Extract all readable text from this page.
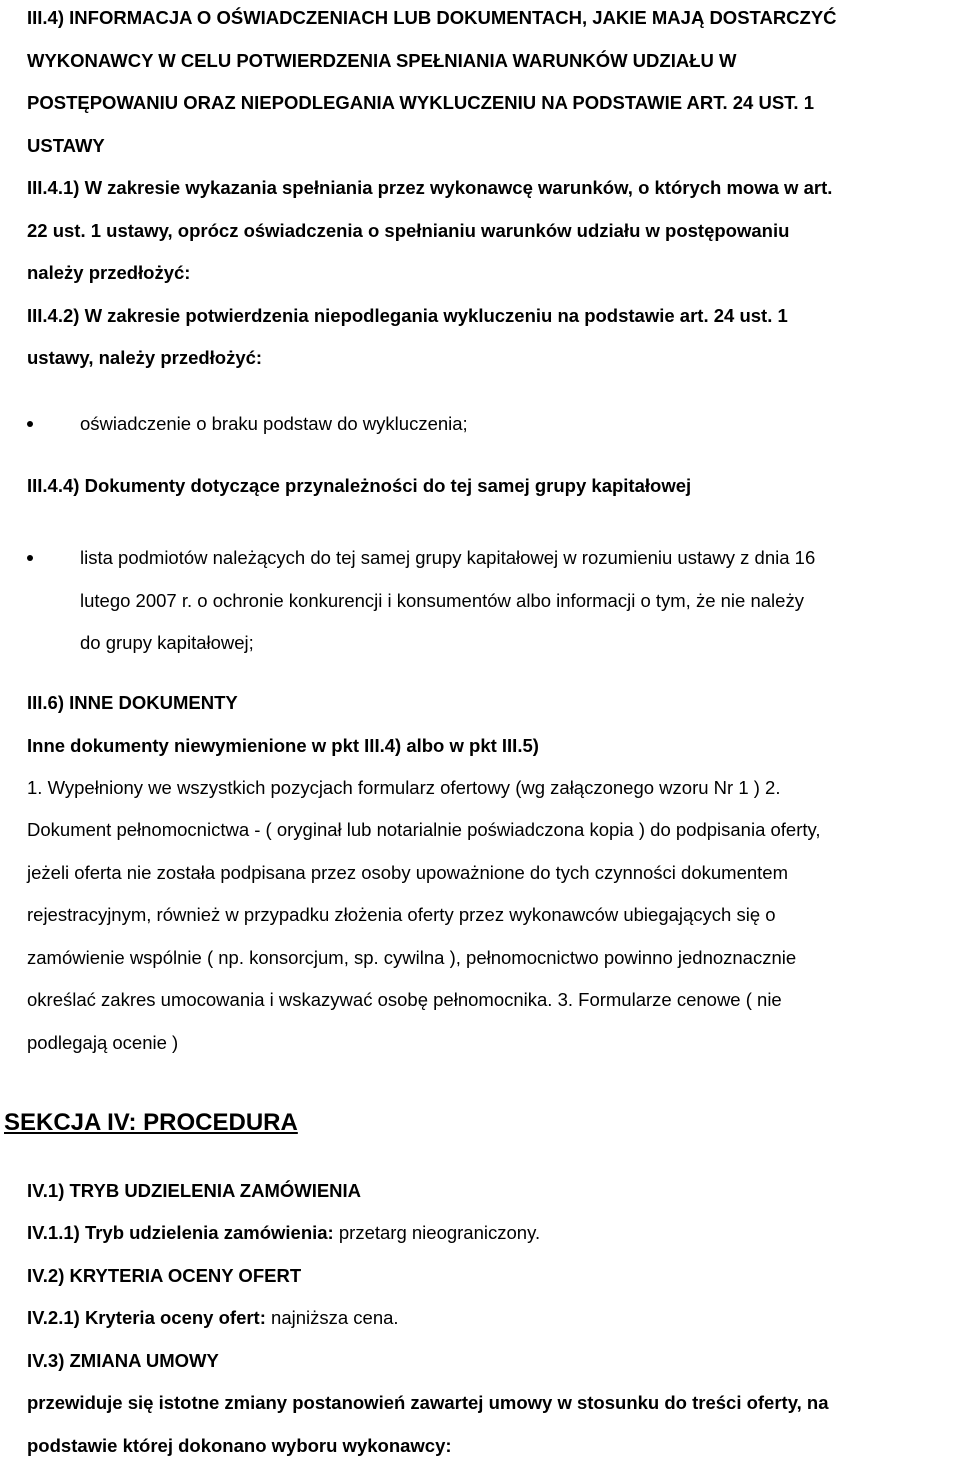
III.4) INFORMACJA O OŚWIADCZENIACH LUB DOKUMENTACH, JAKIE MAJĄ DOSTARCZYĆ
WYKONAWCY W CELU POTWIERDZENIA SPEŁNIANIA WARUNKÓW UDZIAŁU W
POSTĘPOWANIU ORAZ NIEPODLEGANIA WYKLUCZENIU NA PODSTAWIE ART. 24 UST. 1
USTAWY
III.4.1) W zakresie wykazania spełniania przez wykonawcę warunków, o których mowa w art.
22 ust. 1 ustawy, oprócz oświadczenia o spełnianiu warunków udziału w postępowaniu
należy przedłożyć:
III.4.2) W zakresie potwierdzenia niepodlegania wykluczeniu na podstawie art. 24 ust. 1
ustawy, należy przedłożyć:
oświadczenie o braku podstaw do wykluczenia;
III.4.4) Dokumenty dotyczące przynależności do tej samej grupy kapitałowej
lista podmiotów należących do tej samej grupy kapitałowej w rozumieniu ustawy z dnia 16
lutego 2007 r. o ochronie konkurencji i konsumentów albo informacji o tym, że nie należy
do grupy kapitałowej;
III.6) INNE DOKUMENTY
Inne dokumenty niewymienione w pkt III.4) albo w pkt III.5)
1. Wypełniony we wszystkich pozycjach formularz ofertowy (wg załączonego wzoru Nr 1 ) 2.
Dokument pełnomocnictwa - ( oryginał lub notarialnie poświadczona kopia ) do podpisania oferty,
jeżeli oferta nie została podpisana przez osoby upoważnione do tych czynności dokumentem
rejestracyjnym, również w przypadku złożenia oferty przez wykonawców ubiegających się o
zamówienie wspólnie ( np. konsorcjum, sp. cywilna ), pełnomocnictwo powinno jednoznacznie
określać zakres umocowania i wskazywać osobę pełnomocnika. 3. Formularze cenowe ( nie
podlegają ocenie )
SEKCJA IV: PROCEDURA
IV.1) TRYB UDZIELENIA ZAMÓWIENIA
IV.1.1) Tryb udzielenia zamówienia: przetarg nieograniczony.
IV.2) KRYTERIA OCENY OFERT
IV.2.1) Kryteria oceny ofert: najniższa cena.
IV.3) ZMIANA UMOWY
przewiduje się istotne zmiany postanowień zawartej umowy w stosunku do treści oferty, na
podstawie której dokonano wyboru wykonawcy:
